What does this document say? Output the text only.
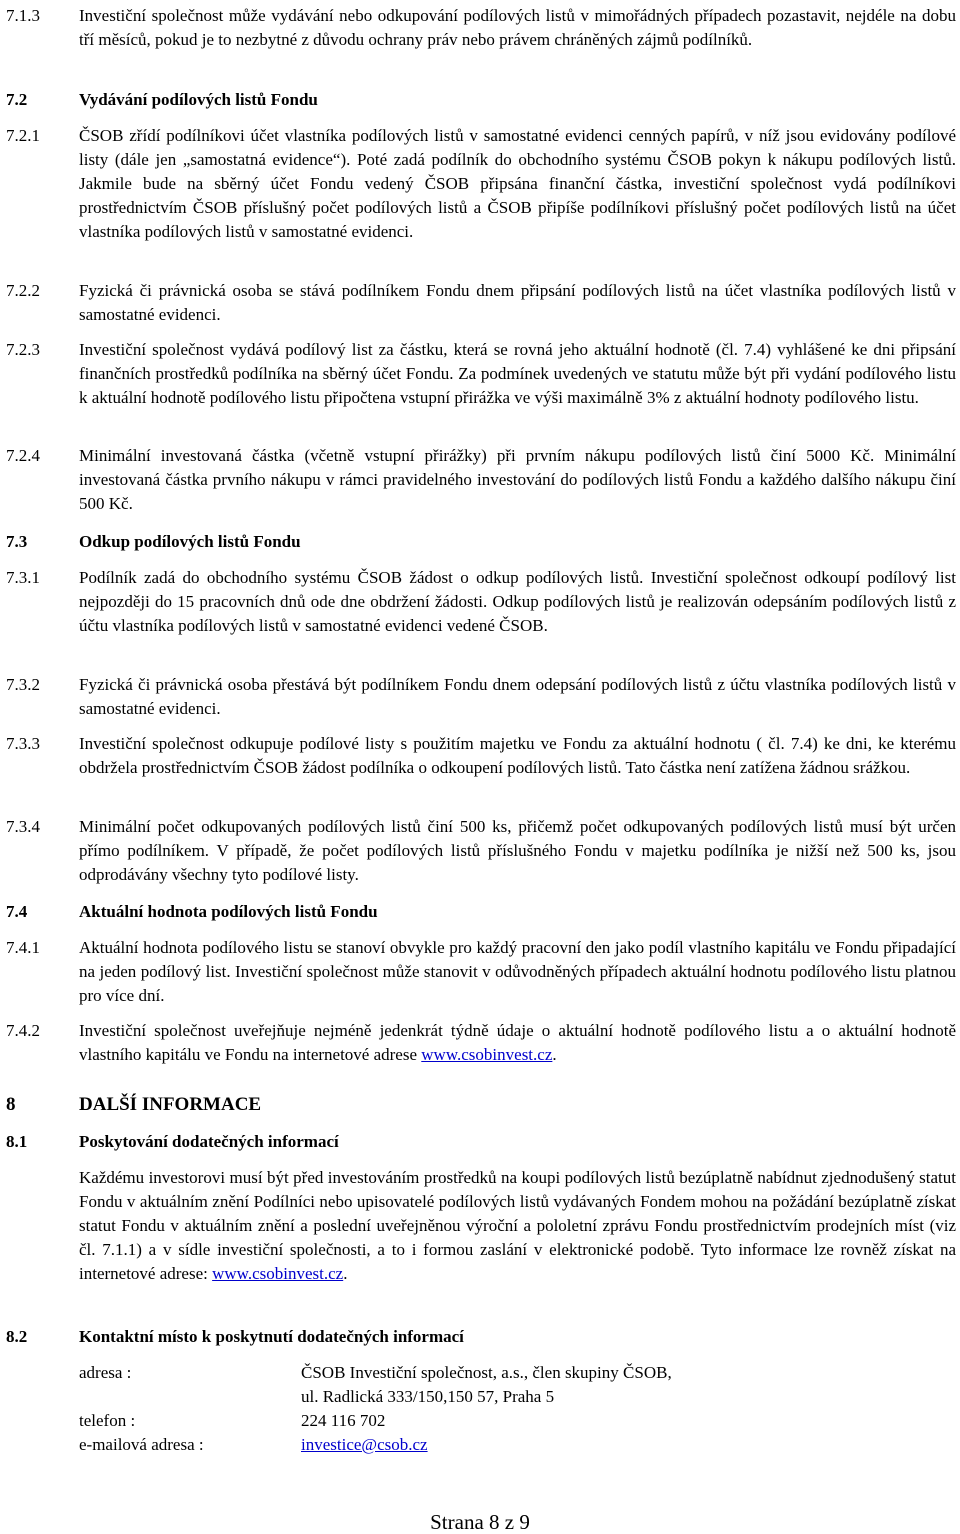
7.1.3	Investiční společnost může vydávání nebo odkupování podílových listů v mimořádných případech pozastavit, nejdéle na dobu tří měsíců, pokud je to nezbytné z důvodu ochrany práv nebo právem chráněných zájmů podílníků.
7.2	Vydávání podílových listů Fondu
7.2.1	ČSOB zřídí podílníkovi účet vlastníka podílových listů v samostatné evidenci cenných papírů, v níž jsou evidovány podílové listy (dále jen „samostatná evidence“). Poté zadá podílník do obchodního systému ČSOB pokyn k nákupu podílových listů. Jakmile bude na sběrný účet Fondu vedený ČSOB připsána finanční částka, investiční společnost vydá podílníkovi prostřednictvím ČSOB příslušný počet podílových listů a ČSOB připíše podílníkovi příslušný počet podílových listů na účet vlastníka podílových listů v samostatné evidenci.
7.2.2	Fyzická či právnická osoba se stává podílníkem Fondu dnem připsání podílových listů na účet vlastníka podílových listů v samostatné evidenci.
7.2.3	Investiční společnost vydává podílový list za částku, která se rovná jeho aktuální hodnotě (čl. 7.4) vyhlášené ke dni připsání finančních prostředků podílníka na sběrný účet Fondu. Za podmínek uvedených ve statutu může být při vydání podílového listu k aktuální hodnotě podílového listu připočtena vstupní přirážka ve výši maximálně 3% z aktuální hodnoty podílového listu.
7.2.4	Minimální investovaná částka (včetně vstupní přirážky) při prvním nákupu podílových listů činí 5000 Kč. Minimální investovaná částka prvního nákupu v rámci pravidelného investování do podílových listů Fondu a každého dalšího nákupu činí 500 Kč.
7.3	Odkup podílových listů Fondu
7.3.1	Podílník zadá do obchodního systému ČSOB žádost o odkup podílových listů. Investiční společnost odkoupí podílový list nejpozději do 15 pracovních dnů ode dne obdržení žádosti. Odkup podílových listů je realizován odepsáním podílových listů z účtu vlastníka podílových listů v samostatné evidenci vedené ČSOB.
7.3.2	Fyzická či právnická osoba přestává být podílníkem Fondu dnem odepsání podílových listů z účtu vlastníka podílových listů v samostatné evidenci.
7.3.3	Investiční společnost odkupuje podílové listy s použitím majetku ve Fondu za aktuální hodnotu ( čl. 7.4) ke dni, ke kterému obdržela prostřednictvím ČSOB žádost podílníka o odkoupení podílových listů. Tato částka není zatížena žádnou srážkou.
7.3.4	Minimální počet odkupovaných podílových listů činí 500 ks, přičemž počet odkupovaných podílových listů musí být určen přímo podílníkem. V případě, že počet podílových listů příslušného Fondu v majetku podílníka je nižší než 500 ks, jsou odprodávány všechny tyto podílové listy.
7.4	Aktuální hodnota podílových listů Fondu
7.4.1	Aktuální hodnota podílového listu se stanoví obvykle pro každý pracovní den jako podíl vlastního kapitálu ve Fondu připadající na jeden podílový list. Investiční společnost může stanovit v odůvodněných případech aktuální hodnotu podílového listu platnou pro více dní.
7.4.2	Investiční společnost uveřejňuje nejméně jedenkrát týdně údaje o aktuální hodnotě podílového listu a o aktuální hodnotě vlastního kapitálu ve Fondu na internetové adrese www.csobinvest.cz.
8	DALŠÍ INFORMACE
8.1	Poskytování dodatečných informací
Každému investorovi musí být před investováním prostředků na koupi podílových listů bezúplatně nabídnut zjednodušený statut Fondu v aktuálním znění Podílníci nebo upisovatelé podílových listů vydávaných Fondem mohou na požádání bezúplatně získat statut Fondu v aktuálním znění a poslední uveřejněnou výroční a pololetní zprávu Fondu prostřednictvím prodejních míst (viz čl. 7.1.1) a v sídle investiční společnosti, a to i formou zaslání v elektronické podobě. Tyto informace lze rovněž získat na internetové adrese: www.csobinvest.cz.
8.2	Kontaktní místo k poskytnutí dodatečných informací
adresa :	ČSOB Investiční společnost, a.s., člen skupiny ČSOB,
ul. Radlická 333/150,150 57, Praha 5
telefon :	224 116 702
e-mailová adresa :	investice@csob.cz
Strana 8 z 9
